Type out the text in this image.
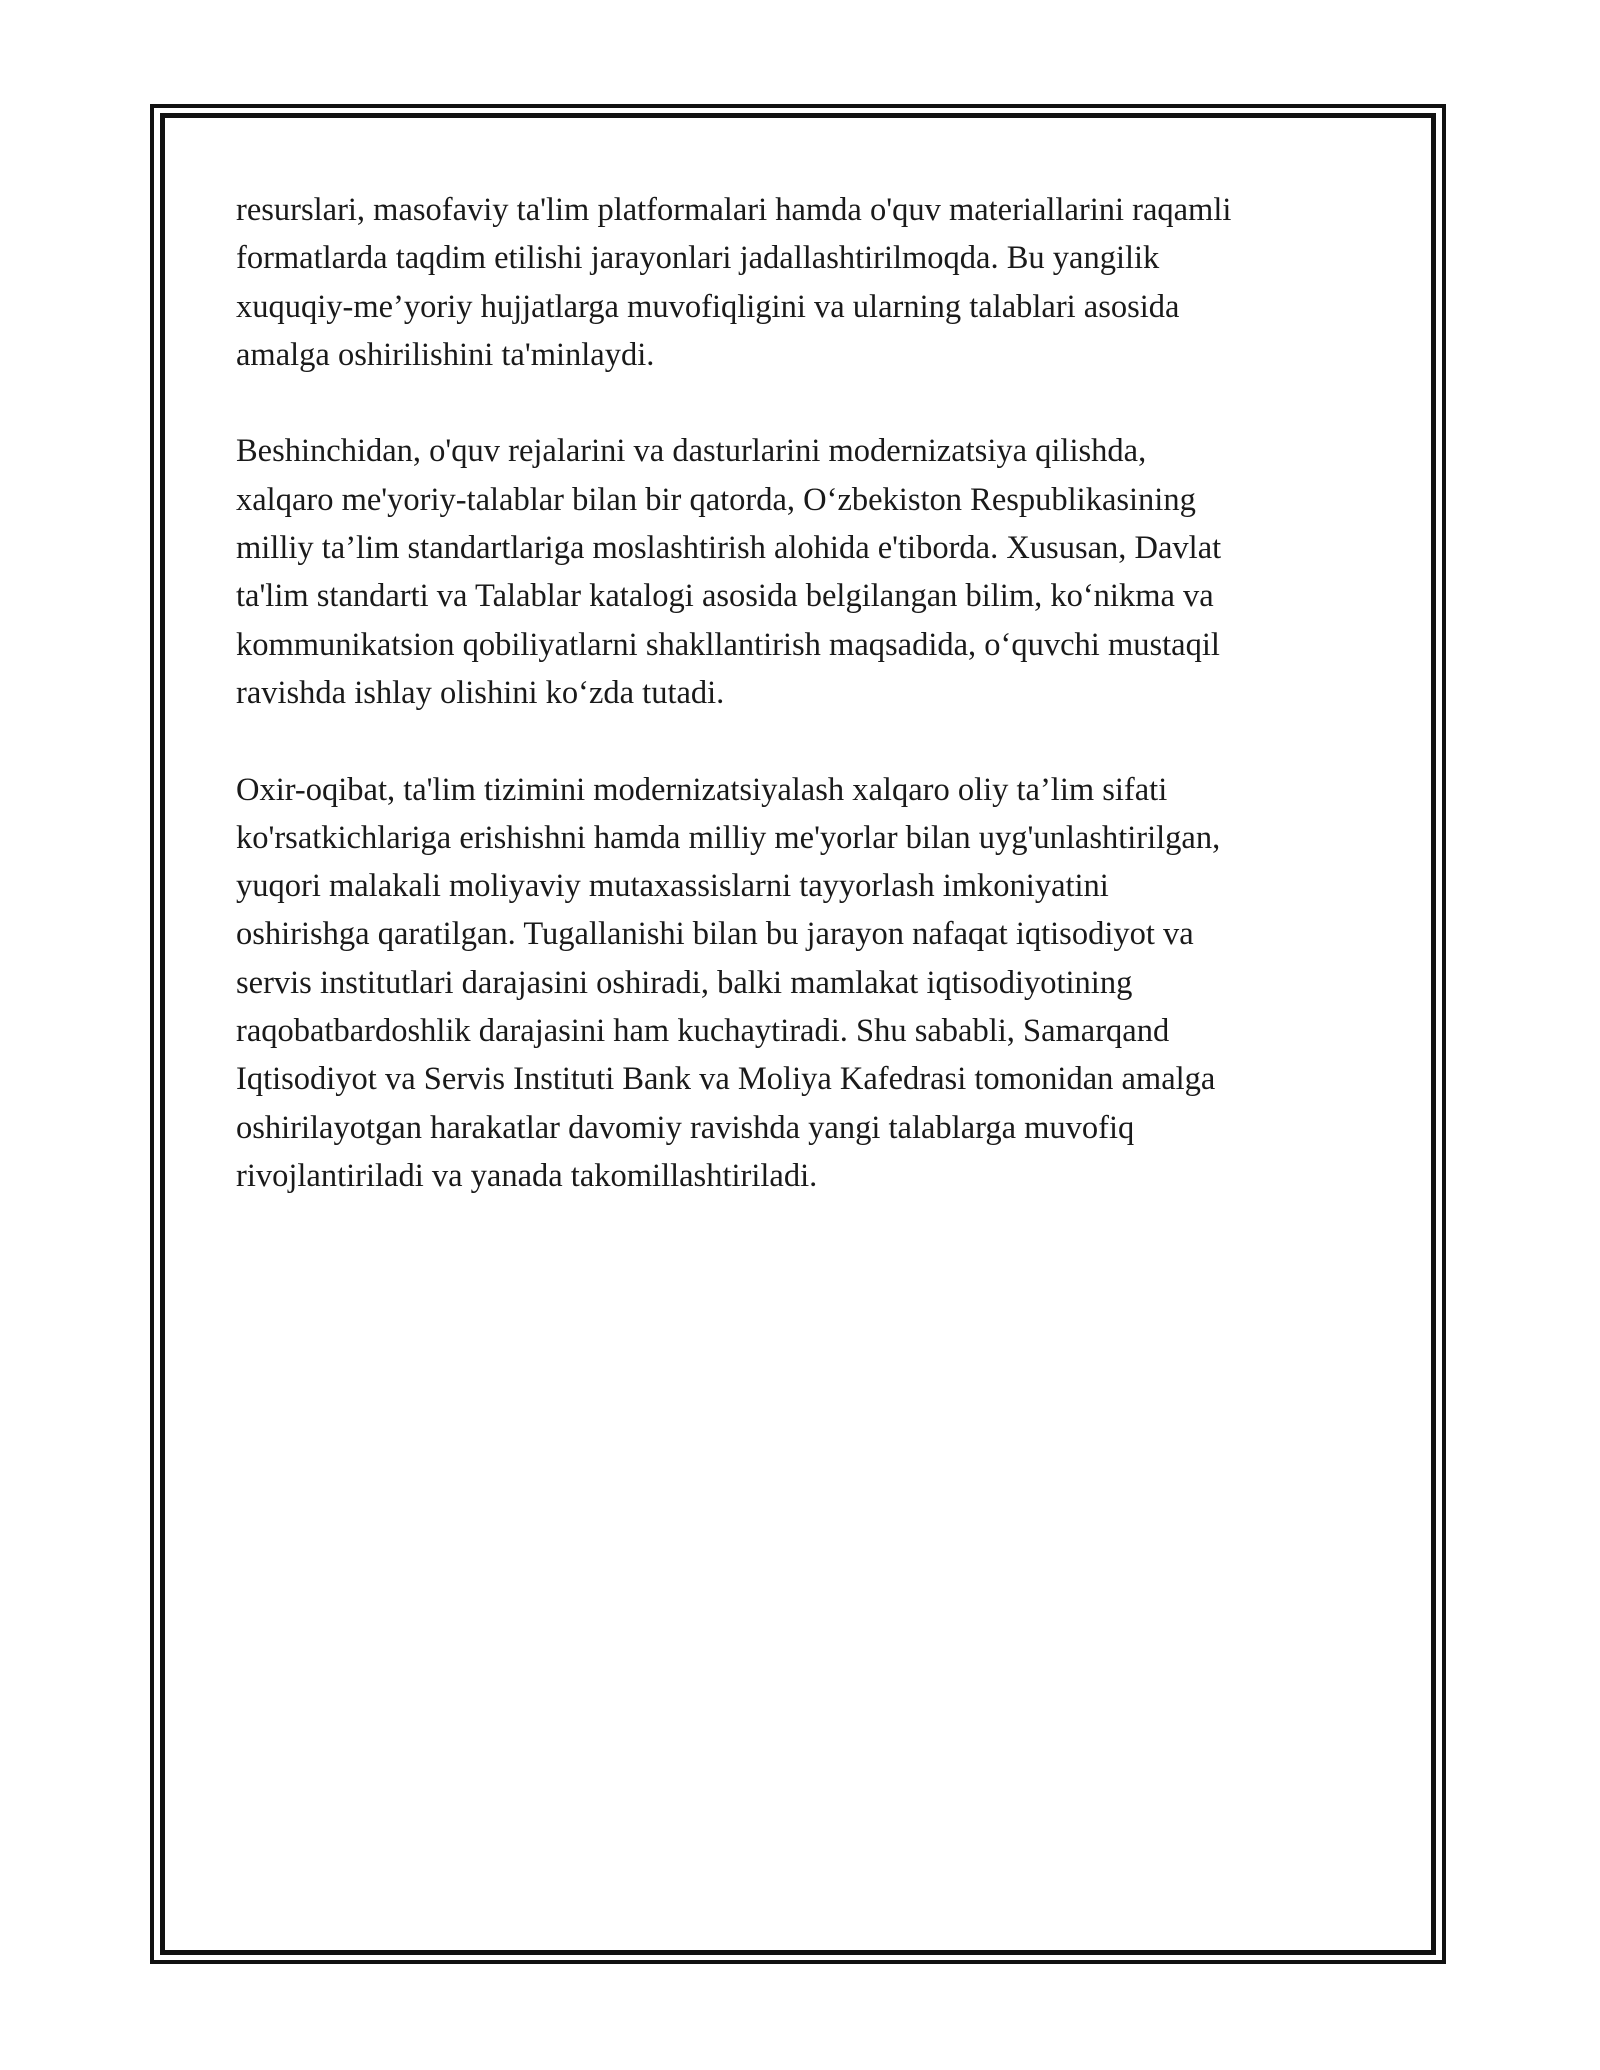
resurslari, masofaviy ta'lim platformalari hamda o'quv materiallarini raqamli
formatlarda taqdim etilishi jarayonlari jadallashtirilmoqda. Bu yangilik
xuquqiy-me’yoriy hujjatlarga muvofiqligini va ularning talablari asosida
amalga oshirilishini ta'minlaydi.

Beshinchidan, o'quv rejalarini va dasturlarini modernizatsiya qilishda,
xalqaro me'yoriy-talablar bilan bir qatorda, O‘zbekiston Respublikasining
milliy ta’lim standartlariga moslashtirish alohida e'tiborda. Xususan, Davlat
ta'lim standarti va Talablar katalogi asosida belgilangan bilim, ko‘nikma va
kommunikatsion qobiliyatlarni shakllantirish maqsadida, o‘quvchi mustaqil
ravishda ishlay olishini ko‘zda tutadi.

Oxir-oqibat, ta'lim tizimini modernizatsiyalash xalqaro oliy ta’lim sifati
ko'rsatkichlariga erishishni hamda milliy me'yorlar bilan uyg'unlashtirilgan,
yuqori malakali moliyaviy mutaxassislarni tayyorlash imkoniyatini
oshirishga qaratilgan. Tugallanishi bilan bu jarayon nafaqat iqtisodiyot va
servis institutlari darajasini oshiradi, balki mamlakat iqtisodiyotining
raqobatbardoshlik darajasini ham kuchaytiradi. Shu sababli, Samarqand
Iqtisodiyot va Servis Instituti Bank va Moliya Kafedrasi tomonidan amalga
oshirilayotgan harakatlar davomiy ravishda yangi talablarga muvofiq
rivojlantiriladi va yanada takomillashtiriladi.
